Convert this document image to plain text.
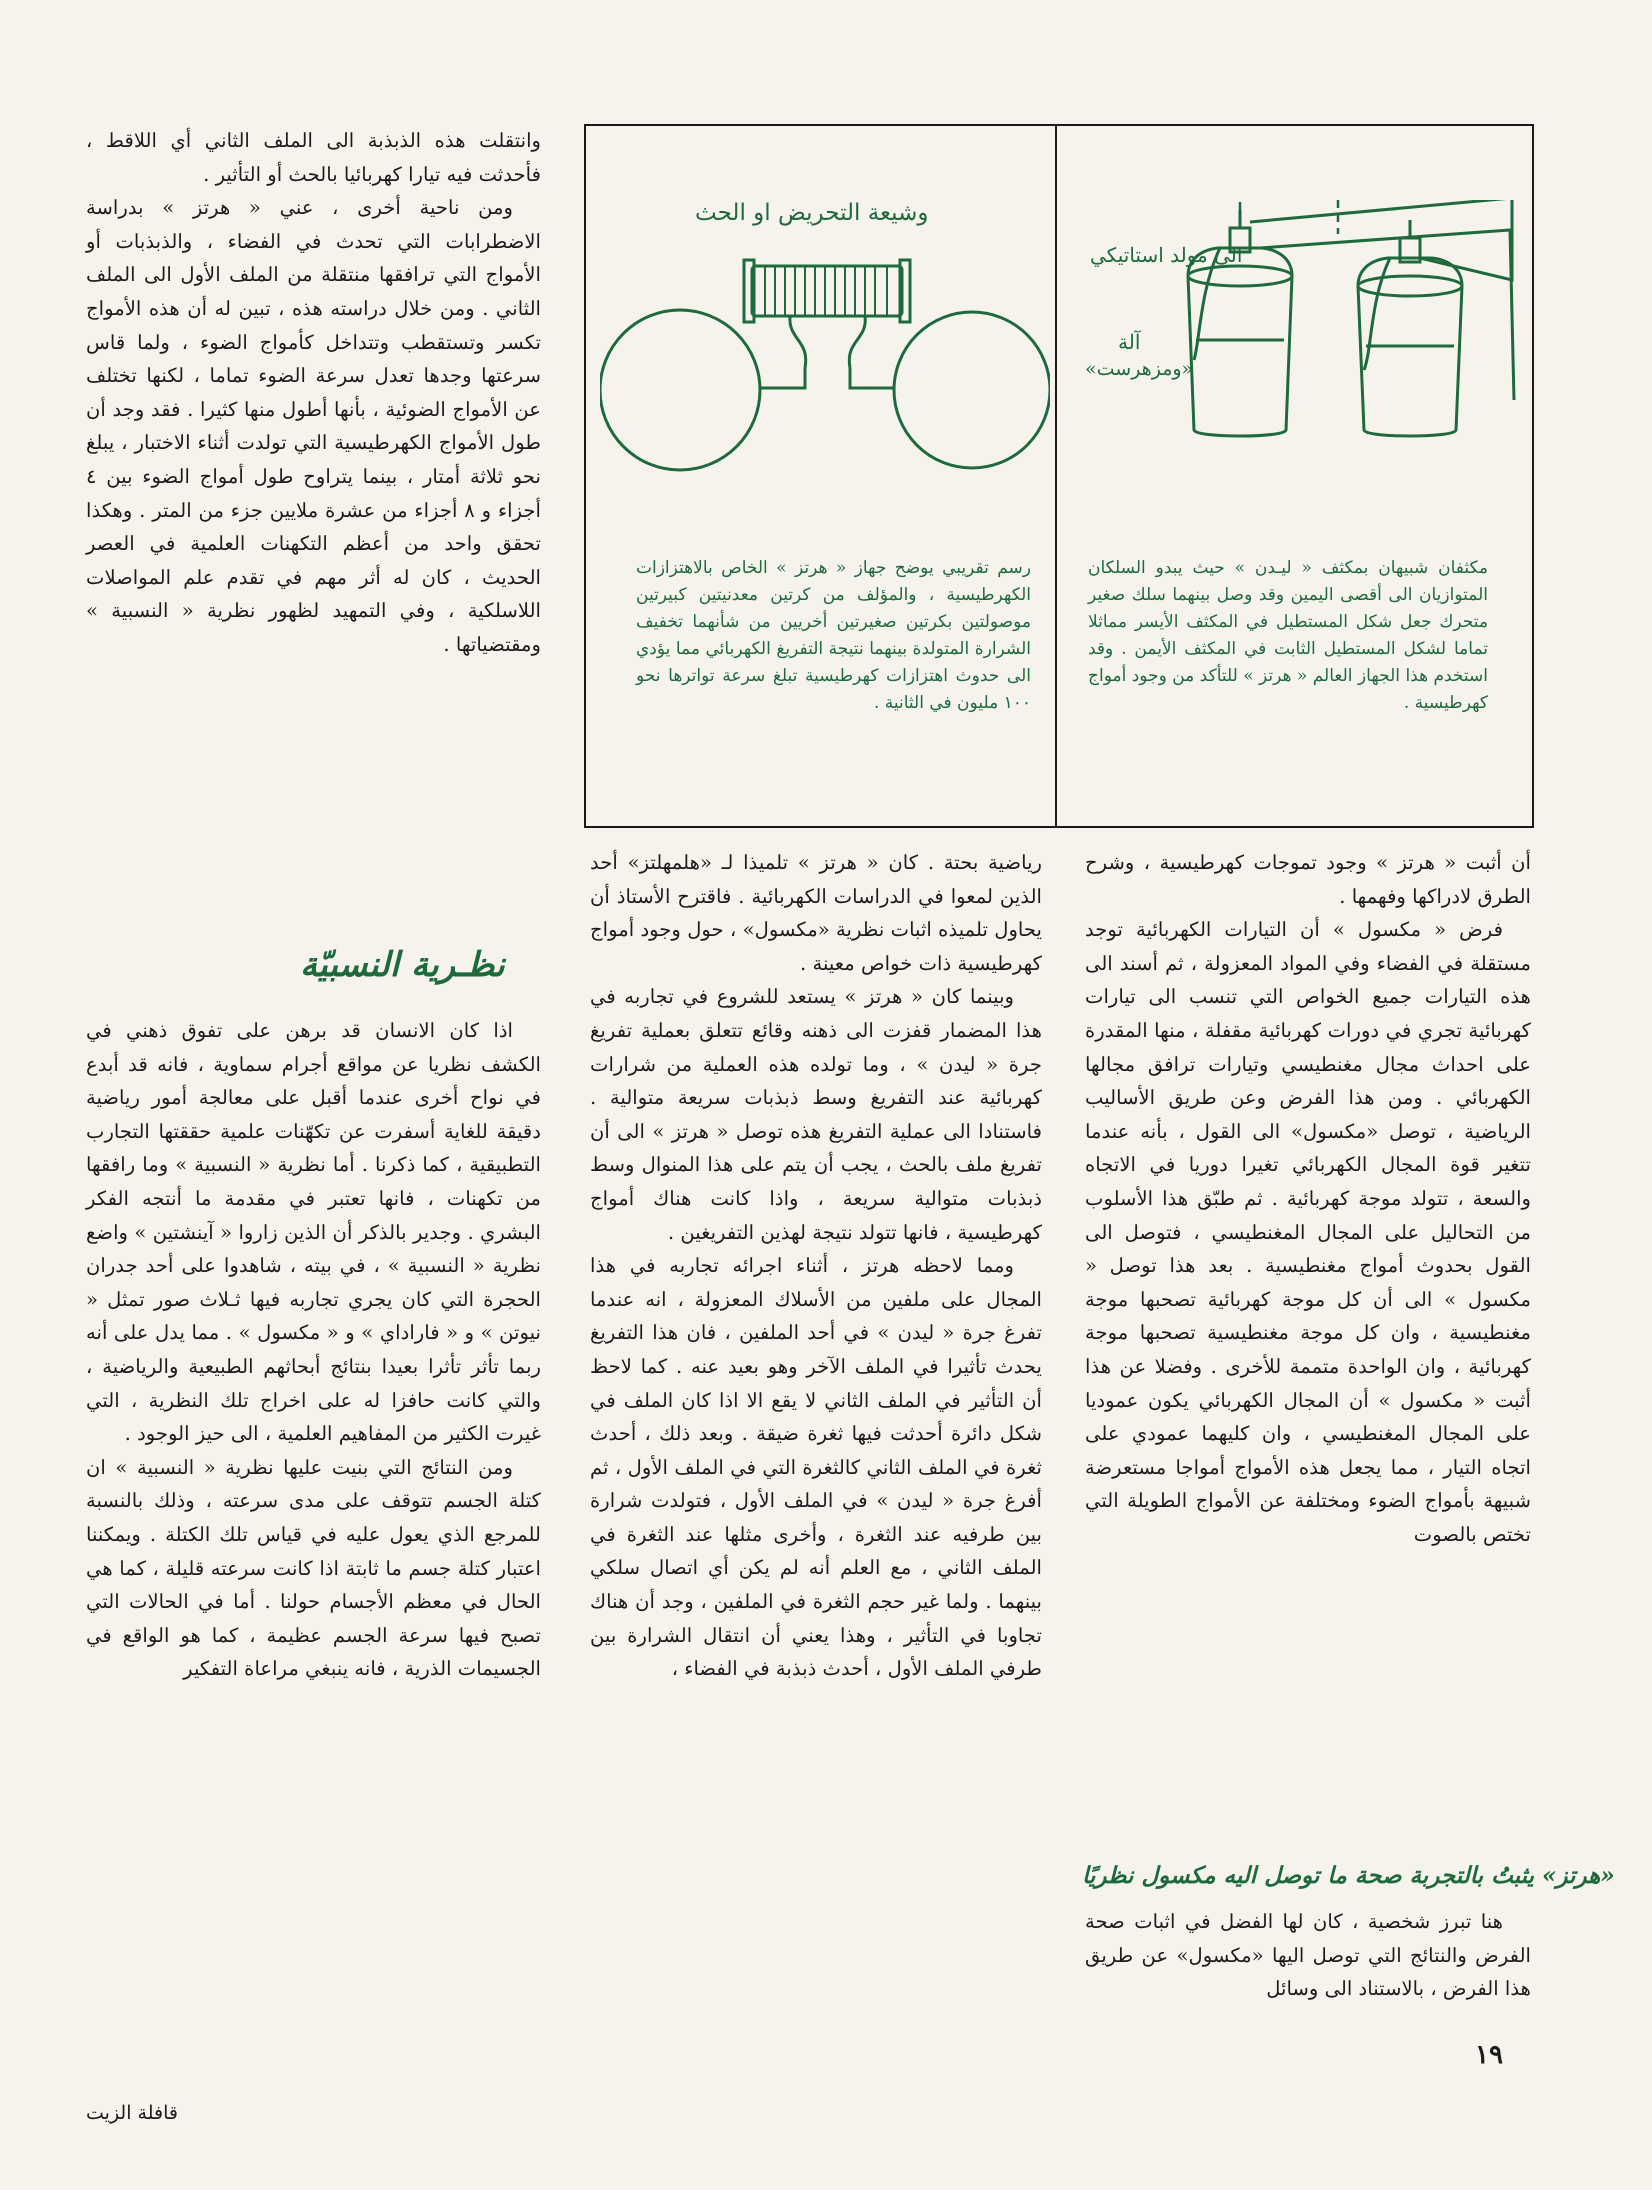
وشيعة التحريض او الحث
الى مولد استاتيكي
آلة
«ومزهرست»
رسم تقريبي يوضح جهاز « هرتز » الخاص بالاهتزازات الكهرطيسية ، والمؤلف من كرتين معدنيتين كبيرتين موصولتين بكرتين صغيرتين أخريين من شأنهما تخفيف الشرارة المتولدة بينهما نتيجة التفريغ الكهربائي مما يؤدي الى حدوث اهتزازات كهرطيسية تبلغ سرعة تواترها نحو ١٠٠ مليون في الثانية .
مكثفان شبيهان بمكثف « ليـدن » حيث يبدو السلكان المتوازيان الى أقصى اليمين وقد وصل بينهما سلك صغير متحرك جعل شكل المستطيل في المكثف الأيسر مماثلا تماما لشكل المستطيل الثابت في المكثف الأيمن . وقد استخدم هذا الجهاز العالم « هرتز » للتأكد من وجود أمواج كهرطيسية .

أن أثبت « هرتز » وجود تموجات كهرطيسية ، وشرح الطرق لادراكها وفهمها .

فرض « مكسول » أن التيارات الكهربائية توجد مستقلة في الفضاء وفي المواد المعزولة ، ثم أسند الى هذه التيارات جميع الخواص التي تنسب الى تيارات كهربائية تجري في دورات كهربائية مقفلة ، منها المقدرة على احداث مجال مغنطيسي وتيارات ترافق مجالها الكهربائي . ومن هذا الفرض وعن طريق الأساليب الرياضية ، توصل «مكسول» الى القول ، بأنه عندما تتغير قوة المجال الكهربائي تغيرا دوريا في الاتجاه والسعة ، تتولد موجة كهربائية . ثم طبّق هذا الأسلوب من التحاليل على المجال المغنطيسي ، فتوصل الى القول بحدوث أمواج مغنطيسية . بعد هذا توصل « مكسول » الى أن كل موجة كهربائية تصحبها موجة مغنطيسية ، وان كل موجة مغنطيسية تصحبها موجة كهربائية ، وان الواحدة متممة للأخرى . وفضلا عن هذا أثبت « مكسول » أن المجال الكهربائي يكون عموديا على المجال المغنطيسي ، وان كليهما عمودي على اتجاه التيار ، مما يجعل هذه الأمواج أمواجا مستعرضة شبيهة بأمواج الضوء ومختلفة عن الأمواج الطويلة التي تختص بالصوت

«هرتز» يثبتُ بالتجربة صحة ما توصل اليه مكسول نظريًا

هنا تبرز شخصية ، كان لها الفضل في اثبات صحة الفرض والنتائج التي توصل اليها «مكسول» عن طريق هذا الفرض ، بالاستناد الى وسائل

رياضية بحتة . كان « هرتز » تلميذا لـ «هلمهلتز» أحد الذين لمعوا في الدراسات الكهربائية . فاقترح الأستاذ أن يحاول تلميذه اثبات نظرية «مكسول» ، حول وجود أمواج كهرطيسية ذات خواص معينة .

وبينما كان « هرتز » يستعد للشروع في تجاربه في هذا المضمار قفزت الى ذهنه وقائع تتعلق بعملية تفريغ جرة « ليدن » ، وما تولده هذه العملية من شرارات كهربائية عند التفريغ وسط ذبذبات سريعة متوالية . فاستنادا الى عملية التفريغ هذه توصل « هرتز » الى أن تفريغ ملف بالحث ، يجب أن يتم على هذا المنوال وسط ذبذبات متوالية سريعة ، واذا كانت هناك أمواج كهرطيسية ، فانها تتولد نتيجة لهذين التفريغين .

ومما لاحظه هرتز ، أثناء اجرائه تجاربه في هذا المجال على ملفين من الأسلاك المعزولة ، انه عندما تفرغ جرة « ليدن » في أحد الملفين ، فان هذا التفريغ يحدث تأثيرا في الملف الآخر وهو بعيد عنه . كما لاحظ أن التأثير في الملف الثاني لا يقع الا اذا كان الملف في شكل دائرة أحدثت فيها ثغرة ضيقة . وبعد ذلك ، أحدث ثغرة في الملف الثاني كالثغرة التي في الملف الأول ، ثم أفرغ جرة « ليدن » في الملف الأول ، فتولدت شرارة بين طرفيه عند الثغرة ، وأخرى مثلها عند الثغرة في الملف الثاني ، مع العلم أنه لم يكن أي اتصال سلكي بينهما . ولما غير حجم الثغرة في الملفين ، وجد أن هناك تجاوبا في التأثير ، وهذا يعني أن انتقال الشرارة بين طرفي الملف الأول ، أحدث ذبذبة في الفضاء ،

وانتقلت هذه الذبذبة الى الملف الثاني أي اللاقط ، فأحدثت فيه تيارا كهربائيا بالحث أو التأثير .

ومن ناحية أخرى ، عني « هرتز » بدراسة الاضطرابات التي تحدث في الفضاء ، والذبذبات أو الأمواج التي ترافقها منتقلة من الملف الأول الى الملف الثاني . ومن خلال دراسته هذه ، تبين له أن هذه الأمواج تكسر وتستقطب وتتداخل كأمواج الضوء ، ولما قاس سرعتها وجدها تعدل سرعة الضوء تماما ، لكنها تختلف عن الأمواج الضوئية ، بأنها أطول منها كثيرا . فقد وجد أن طول الأمواج الكهرطيسية التي تولدت أثناء الاختبار ، يبلغ نحو ثلاثة أمتار ، بينما يتراوح طول أمواج الضوء بين ٤ أجزاء و ٨ أجزاء من عشرة ملايين جزء من المتر . وهكذا تحقق واحد من أعظم التكهنات العلمية في العصر الحديث ، كان له أثر مهم في تقدم علم المواصلات اللاسلكية ، وفي التمهيد لظهور نظرية « النسبية » ومقتضياتها .

نظـرية النسبيّة

اذا كان الانسان قد برهن على تفوق ذهني في الكشف نظريا عن مواقع أجرام سماوية ، فانه قد أبدع في نواح أخرى عندما أقبل على معالجة أمور رياضية دقيقة للغاية أسفرت عن تكهّنات علمية حققتها التجارب التطبيقية ، كما ذكرنا . أما نظرية « النسبية » وما رافقها من تكهنات ، فانها تعتبر في مقدمة ما أنتجه الفكر البشري . وجدير بالذكر أن الذين زاروا « آينشتين » واضع نظرية « النسبية » ، في بيته ، شاهدوا على أحد جدران الحجرة التي كان يجري تجاربه فيها ثـلاث صور تمثل « نيوتن » و « فاراداي » و « مكسول » . مما يدل على أنه ربما تأثر تأثرا بعيدا بنتائج أبحاثهم الطبيعية والرياضية ، والتي كانت حافزا له على اخراج تلك النظرية ، التي غيرت الكثير من المفاهيم العلمية ، الى حيز الوجود .

ومن النتائج التي بنيت عليها نظرية « النسبية » ان كتلة الجسم تتوقف على مدى سرعته ، وذلك بالنسبة للمرجع الذي يعول عليه في قياس تلك الكتلة . ويمكننا اعتبار كتلة جسم ما ثابتة اذا كانت سرعته قليلة ، كما هي الحال في معظم الأجسام حولنا . أما في الحالات التي تصبح فيها سرعة الجسم عظيمة ، كما هو الواقع في الجسيمات الذرية ، فانه ينبغي مراعاة التفكير

١٩
قافلة الزيت
